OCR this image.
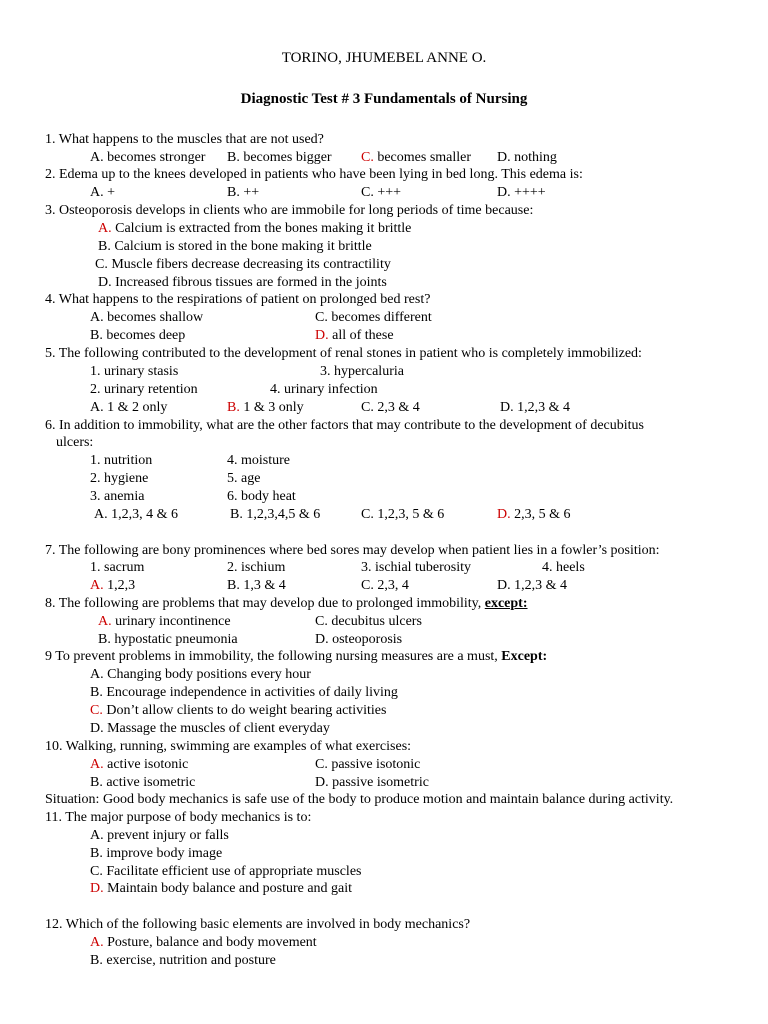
TORINO, JHUMEBEL ANNE O.
Diagnostic Test # 3 Fundamentals of Nursing
1. What happens to the muscles that are not used?
A. becomes stronger B. becomes bigger C. becomes smaller D. nothing
2. Edema up to the knees developed in patients who have been lying in bed long. This edema is:
A. +	B. ++	C. +++	D. ++++
3. Osteoporosis develops in clients who are immobile for long periods of time because:
A. Calcium is extracted from the bones making it brittle
B. Calcium is stored in the bone making it brittle
C. Muscle fibers decrease decreasing its contractility
D. Increased fibrous tissues are formed in the joints
4. What happens to the respirations of patient on prolonged bed rest?
A. becomes shallow	C. becomes different
B. becomes deep	D. all of these
5. The following contributed to the development of renal stones in patient who is completely immobilized:
1. urinary stasis	3. hypercaluria
2. urinary retention	4. urinary infection
A. 1 & 2 only	B. 1 & 3 only	C. 2,3 & 4	D. 1,2,3 & 4
6. In addition to immobility, what are the other factors that may contribute to the development of decubitus
ulcers:
1. nutrition	4. moisture
2. hygiene	5. age
3. anemia	6. body heat
A. 1,2,3, 4 & 6	B. 1,2,3,4,5 & 6	C. 1,2,3, 5 & 6	D. 2,3, 5 & 6
7. The following are bony prominences where bed sores may develop when patient lies in a fowler’s position:
1. sacrum	2. ischium	3. ischial tuberosity	4. heels
A. 1,2,3	B. 1,3 & 4	C. 2,3, 4	D. 1,2,3 & 4
8. The following are problems that may develop due to prolonged immobility, except:
A. urinary incontinence	C. decubitus ulcers
B. hypostatic pneumonia	D. osteoporosis
9 To prevent problems in immobility, the following nursing measures are a must, Except:
A. Changing body positions every hour
B. Encourage independence in activities of daily living
C. Don’t allow clients to do weight bearing activities
D. Massage the muscles of client everyday
10. Walking, running, swimming are examples of what exercises:
A. active isotonic	C. passive isotonic
B. active isometric	D. passive isometric
Situation: Good body mechanics is safe use of the body to produce motion and maintain balance during activity.
11. The major purpose of body mechanics is to:
A. prevent injury or falls
B. improve body image
C. Facilitate efficient use of appropriate muscles
D. Maintain body balance and posture and gait
12. Which of the following basic elements are involved in body mechanics?
A. Posture, balance and body movement
B. exercise, nutrition and posture
